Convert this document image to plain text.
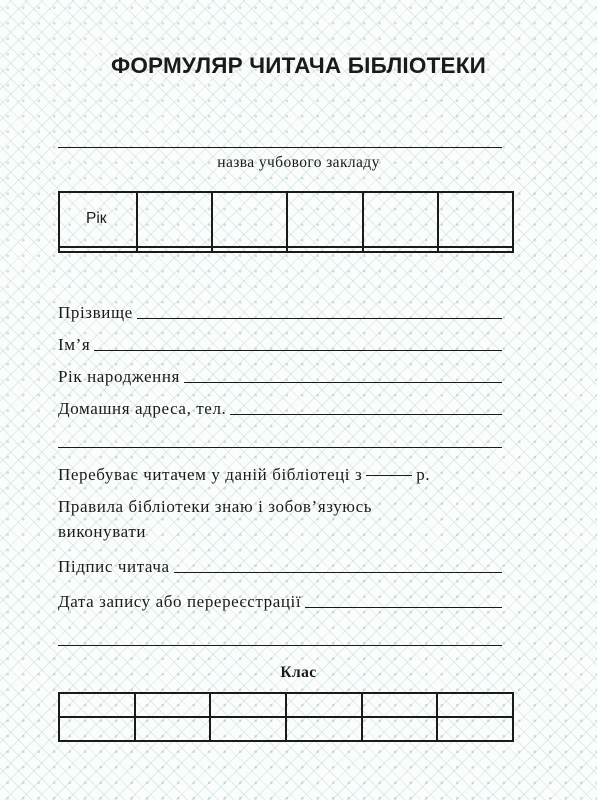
ФОРМУЛЯР ЧИТАЧА БІБЛІОТЕКИ
назва учбового закладу
Рік					

Прізвище
Ім’я
Рік народження
Домашня адреса, тел.
Перебуває читачем у даній бібліотеці з	р.
Правила бібліотеки знаю і зобов’язуюсь
виконувати
Підпис читача
Дата запису або перереєстрації
Клас
